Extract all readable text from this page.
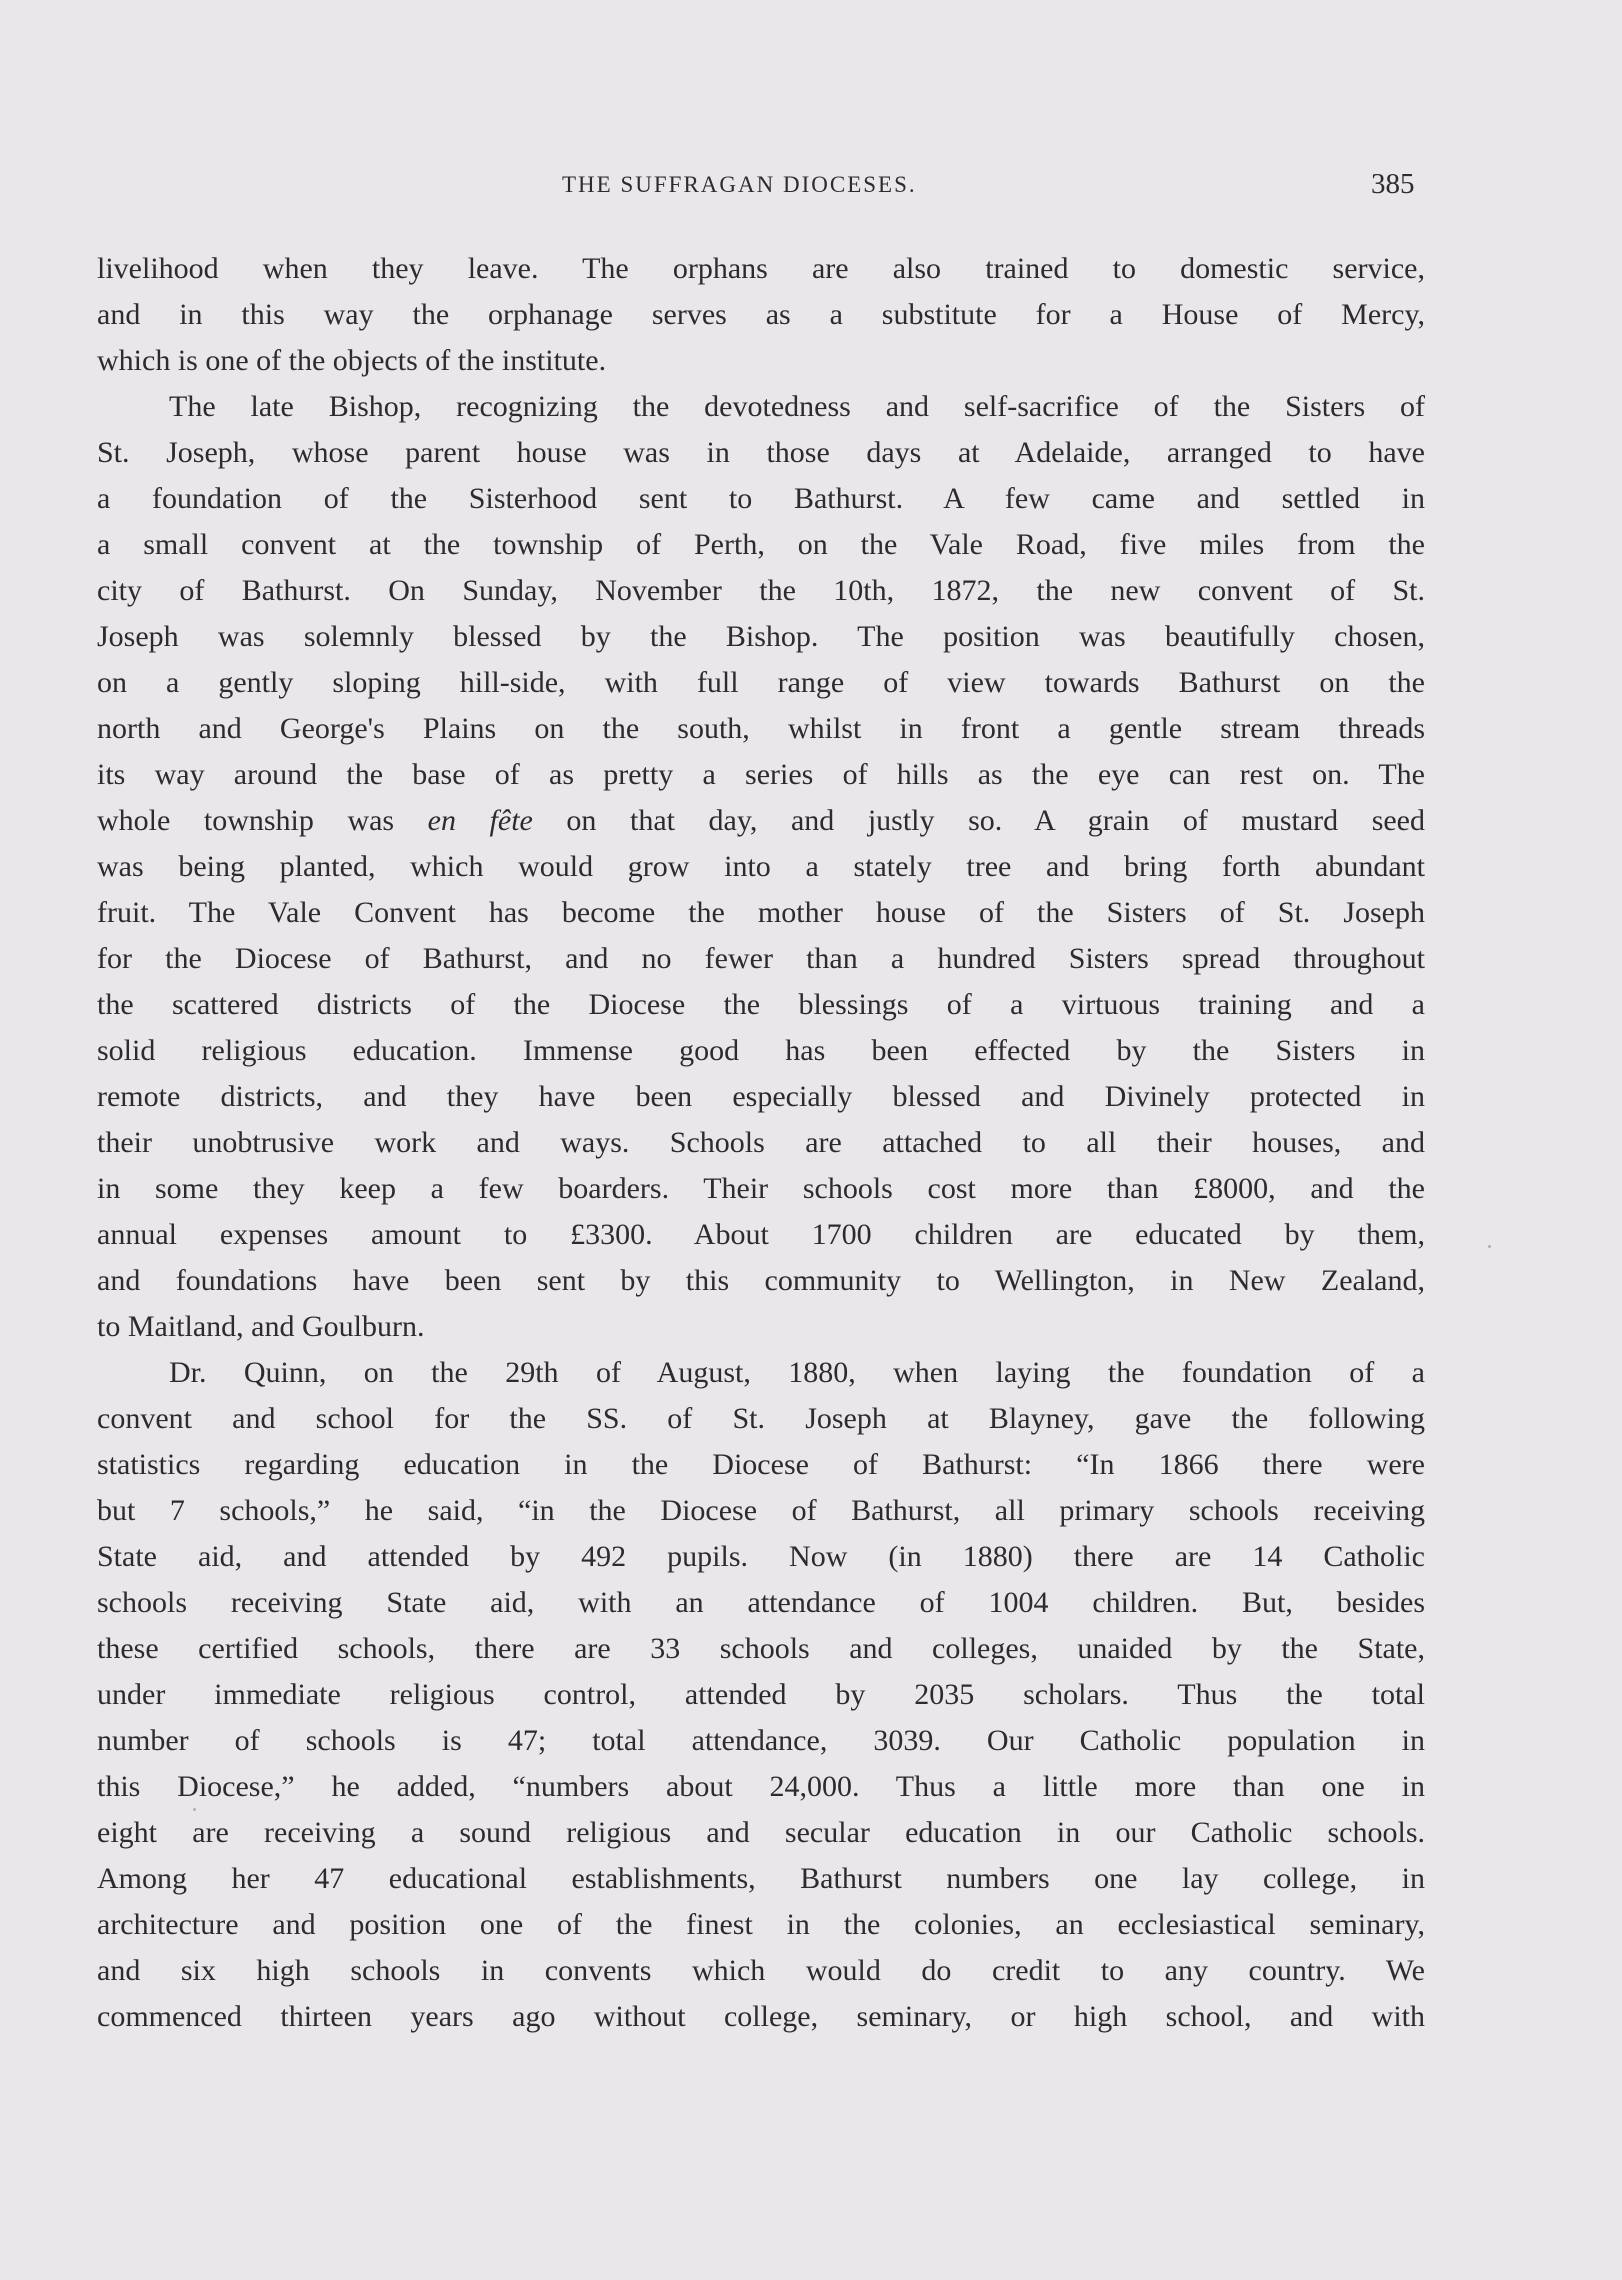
THE SUFFRAGAN DIOCESES.	385
livelihood when they leave. The orphans are also trained to domestic service,
and in this way the orphanage serves as a substitute for a House of Mercy,
which is one of the objects of the institute.
The late Bishop, recognizing the devotedness and self-sacrifice of the Sisters of
St. Joseph, whose parent house was in those days at Adelaide, arranged to have
a foundation of the Sisterhood sent to Bathurst. A few came and settled in
a small convent at the township of Perth, on the Vale Road, five miles from the
city of Bathurst. On Sunday, November the 10th, 1872, the new convent of St.
Joseph was solemnly blessed by the Bishop. The position was beautifully chosen,
on a gently sloping hill-side, with full range of view towards Bathurst on the
north and George's Plains on the south, whilst in front a gentle stream threads
its way around the base of as pretty a series of hills as the eye can rest on. The
whole township was en fête on that day, and justly so. A grain of mustard seed
was being planted, which would grow into a stately tree and bring forth abundant
fruit. The Vale Convent has become the mother house of the Sisters of St. Joseph
for the Diocese of Bathurst, and no fewer than a hundred Sisters spread throughout
the scattered districts of the Diocese the blessings of a virtuous training and a
solid religious education. Immense good has been effected by the Sisters in
remote districts, and they have been especially blessed and Divinely protected in
their unobtrusive work and ways. Schools are attached to all their houses, and
in some they keep a few boarders. Their schools cost more than £8000, and the
annual expenses amount to £3300. About 1700 children are educated by them,
and foundations have been sent by this community to Wellington, in New Zealand,
to Maitland, and Goulburn.
Dr. Quinn, on the 29th of August, 1880, when laying the foundation of a
convent and school for the SS. of St. Joseph at Blayney, gave the following
statistics regarding education in the Diocese of Bathurst: “In 1866 there were
but 7 schools,” he said, “in the Diocese of Bathurst, all primary schools receiving
State aid, and attended by 492 pupils. Now (in 1880) there are 14 Catholic
schools receiving State aid, with an attendance of 1004 children. But, besides
these certified schools, there are 33 schools and colleges, unaided by the State,
under immediate religious control, attended by 2035 scholars. Thus the total
number of schools is 47; total attendance, 3039. Our Catholic population in
this Diocese,” he added, “numbers about 24,000. Thus a little more than one in
eight are receiving a sound religious and secular education in our Catholic schools.
Among her 47 educational establishments, Bathurst numbers one lay college, in
architecture and position one of the finest in the colonies, an ecclesiastical seminary,
and six high schools in convents which would do credit to any country. We
commenced thirteen years ago without college, seminary, or high school, and with
